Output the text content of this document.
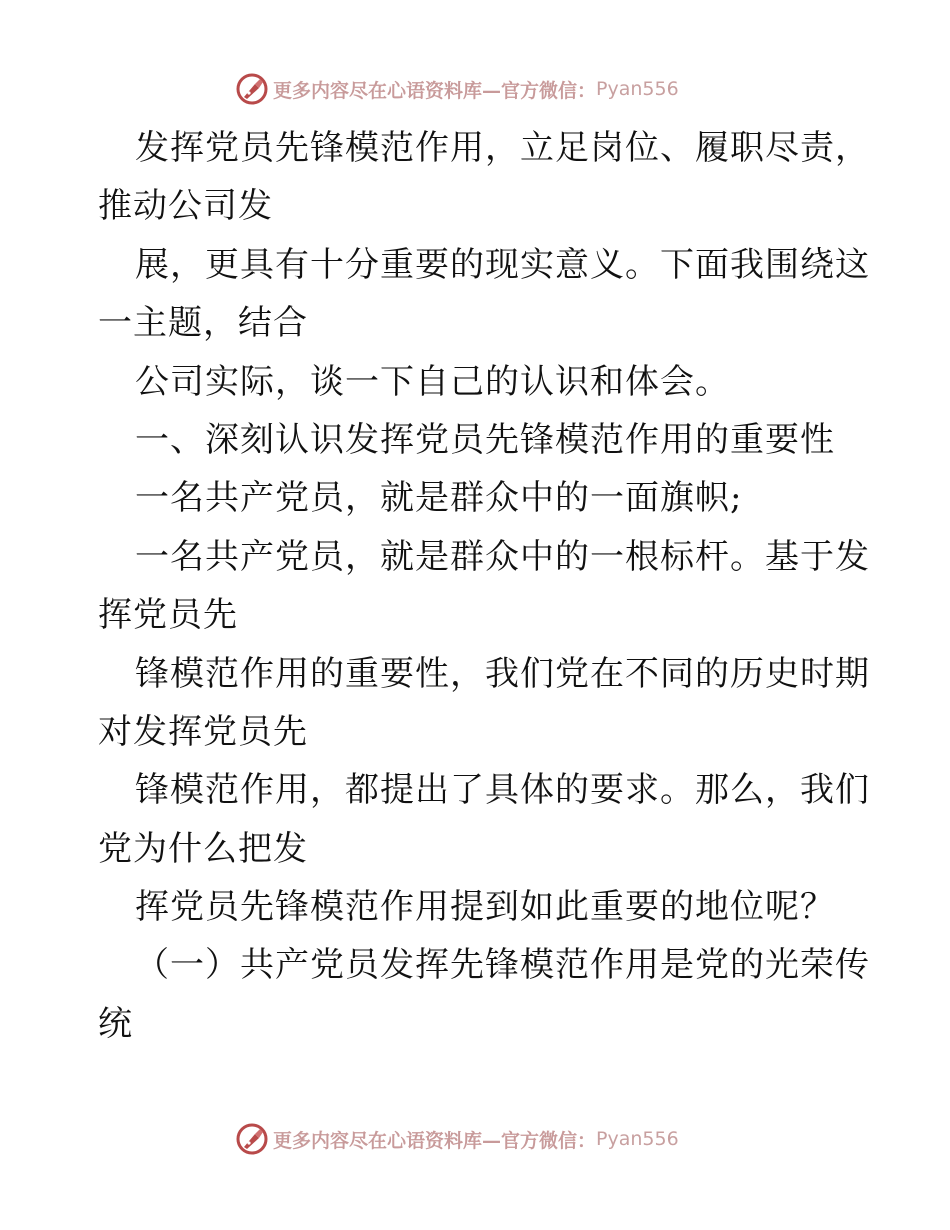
更多内容尽在心语资料库—官方微信： Pyan556
发挥党员先锋模范作用，立足岗位、履职尽责，
推动公司发
展，更具有十分重要的现实意义。下面我围绕这
一主题，结合
公司实际，谈一下自己的认识和体会。
一、深刻认识发挥党员先锋模范作用的重要性
一名共产党员，就是群众中的一面旗帜;
一名共产党员，就是群众中的一根标杆。基于发
挥党员先
锋模范作用的重要性，我们党在不同的历史时期
对发挥党员先
锋模范作用，都提出了具体的要求。那么，我们
党为什么把发
挥党员先锋模范作用提到如此重要的地位呢？
（一）共产党员发挥先锋模范作用是党的光荣传
统
更多内容尽在心语资料库—官方微信： Pyan556
